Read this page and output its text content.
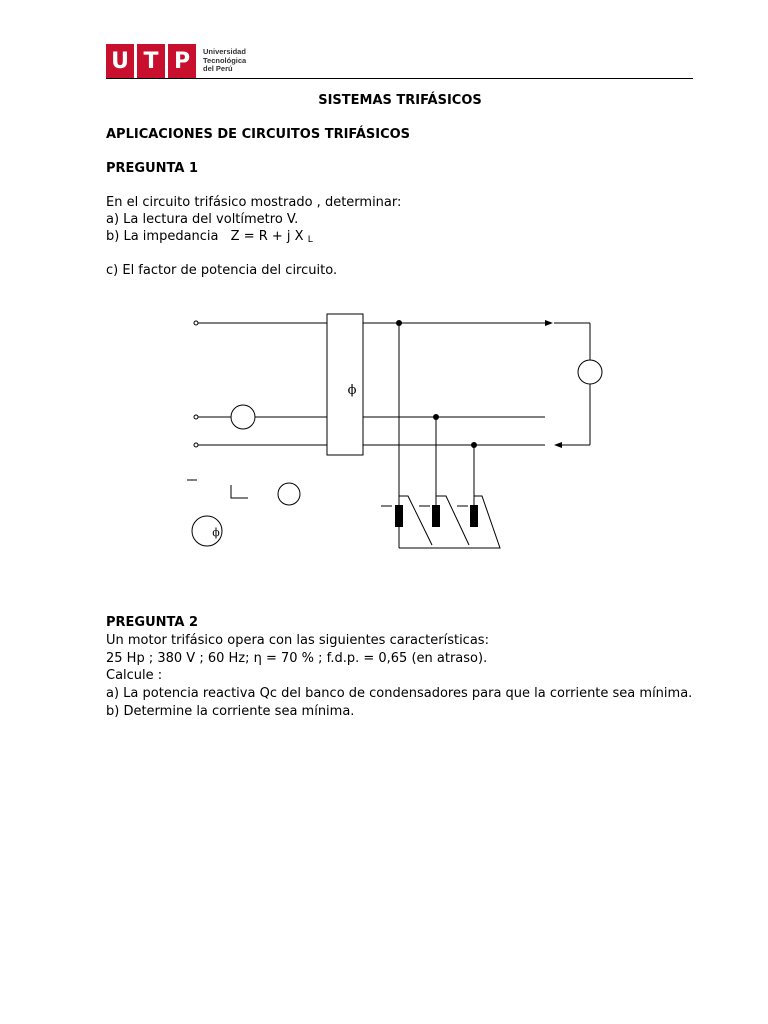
U T P	Universidad
Tecnológica
del Perú
SISTEMAS TRIFÁSICOS
APLICACIONES DE CIRCUITOS TRIFÁSICOS
PREGUNTA 1
En el circuito trifásico mostrado , determinar:
a) La lectura del voltímetro V.
b) La impedancia Z = R + j X $_L$
c) El factor de potencia del circuito.
ϕ
ϕ
PREGUNTA 2
Un motor trifásico opera con las siguientes características:
25 Hp ; 380 V ; 60 Hz; η = 70 % ; f.d.p. = 0,65 (en atraso).
Calcule :
a) La potencia reactiva Qc del banco de condensadores para que la corriente sea mínima.
b) Determine la corriente sea mínima.
